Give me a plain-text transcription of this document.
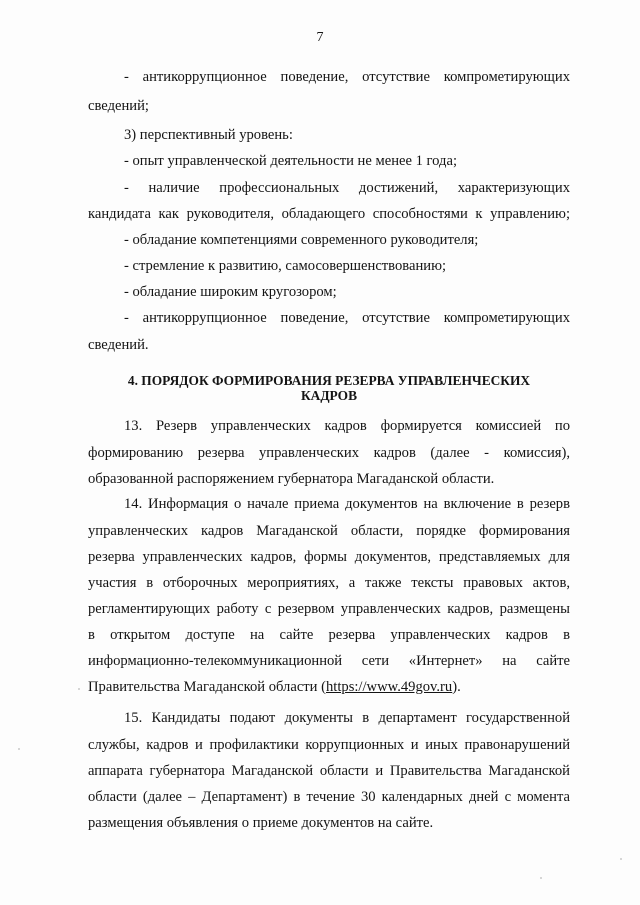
7
- антикоррупционное поведение, отсутствие компрометирующих
сведений;
3) перспективный уровень:
- опыт управленческой деятельности не менее 1 года;
- наличие профессиональных достижений, характеризующих
кандидата как руководителя, обладающего способностями к управлению;
- обладание компетенциями современного руководителя;
- стремление к развитию, самосовершенствованию;
- обладание широким кругозором;
- антикоррупционное поведение, отсутствие компрометирующих
сведений.
4. ПОРЯДОК ФОРМИРОВАНИЯ РЕЗЕРВА УПРАВЛЕНЧЕСКИХ
КАДРОВ
13. Резерв управленческих кадров формируется комиссией по
формированию резерва управленческих кадров (далее - комиссия),
образованной распоряжением губернатора Магаданской области.
14. Информация о начале приема документов на включение в резерв
управленческих кадров Магаданской области, порядке формирования
резерва управленческих кадров, формы документов, представляемых для
участия в отборочных мероприятиях, а также тексты правовых актов,
регламентирующих работу с резервом управленческих кадров, размещены
в открытом доступе на сайте резерва управленческих кадров в
информационно-телекоммуникационной сети «Интернет» на сайте
Правительства Магаданской области (https://www.49gov.ru).
15. Кандидаты подают документы в департамент государственной
службы, кадров и профилактики коррупционных и иных правонарушений
аппарата губернатора Магаданской области и Правительства Магаданской
области (далее – Департамент) в течение 30 календарных дней с момента
размещения объявления о приеме документов на сайте.
